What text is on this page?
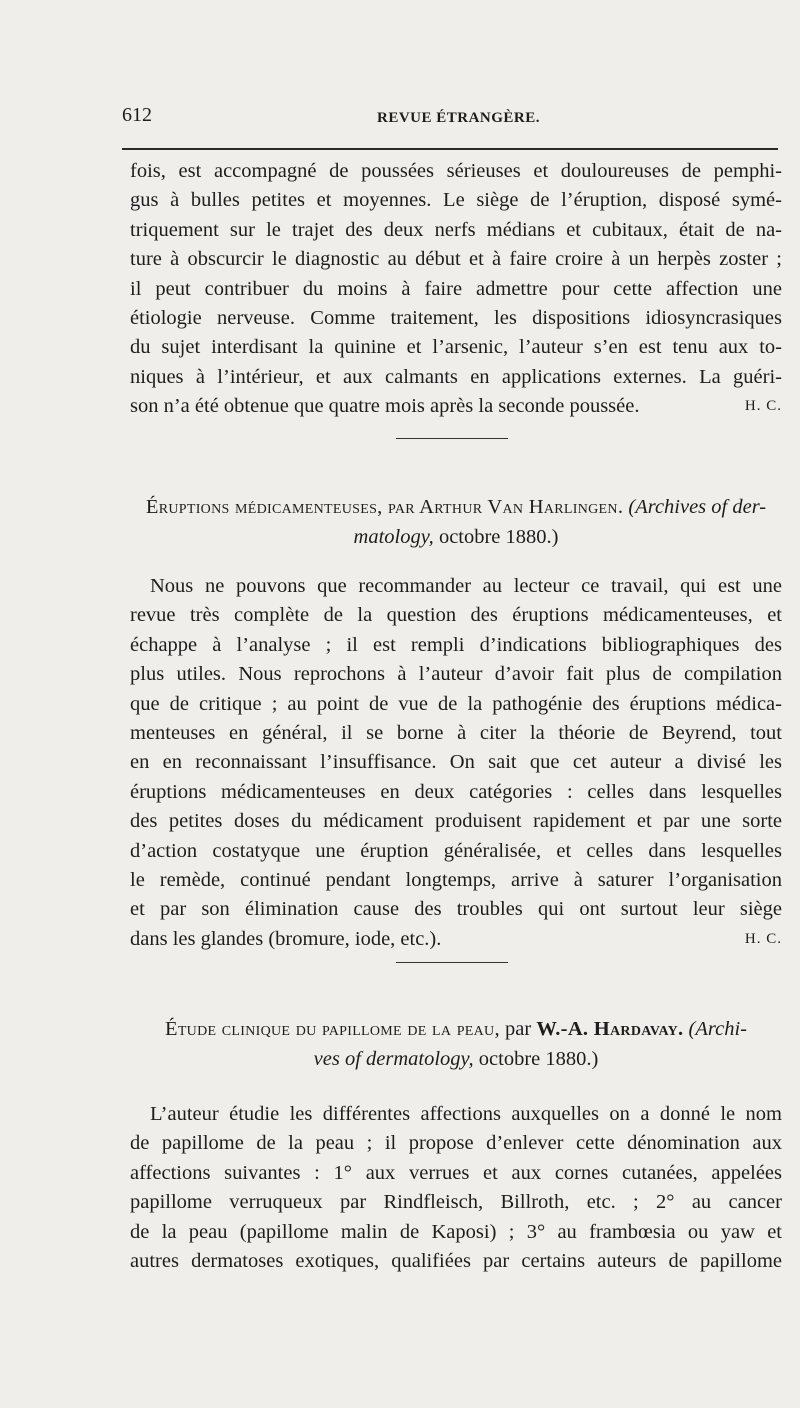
612	REVUE ÉTRANGÈRE.
fois, est accompagné de poussées sérieuses et douloureuses de pemphi-
gus à bulles petites et moyennes. Le siège de l’éruption, disposé symé-
triquement sur le trajet des deux nerfs médians et cubitaux, était de na-
ture à obscurcir le diagnostic au début et à faire croire à un herpès zoster ;
il peut contribuer du moins à faire admettre pour cette affection une
étiologie nerveuse. Comme traitement, les dispositions idiosyncrasiques
du sujet interdisant la quinine et l’arsenic, l’auteur s’en est tenu aux to-
niques à l’intérieur, et aux calmants en applications externes. La guéri-
son n’a été obtenue que quatre mois après la seconde poussée.	H. C.
Éruptions médicamenteuses, par Arthur Van Harlingen. (Archives of der-
matology, octobre 1880.)
Nous ne pouvons que recommander au lecteur ce travail, qui est une
revue très complète de la question des éruptions médicamenteuses, et
échappe à l’analyse ; il est rempli d’indications bibliographiques des
plus utiles. Nous reprochons à l’auteur d’avoir fait plus de compilation
que de critique ; au point de vue de la pathogénie des éruptions médica-
menteuses en général, il se borne à citer la théorie de Beyrend, tout
en en reconnaissant l’insuffisance. On sait que cet auteur a divisé les
éruptions médicamenteuses en deux catégories : celles dans lesquelles
des petites doses du médicament produisent rapidement et par une sorte
d’action costatyque une éruption généralisée, et celles dans lesquelles
le remède, continué pendant longtemps, arrive à saturer l’organisation
et par son élimination cause des troubles qui ont surtout leur siège
dans les glandes (bromure, iode, etc.).	H. C.
Étude clinique du papillome de la peau, par W.-A. Hardavay. (Archi-
ves of dermatology, octobre 1880.)
L’auteur étudie les différentes affections auxquelles on a donné le nom
de papillome de la peau ; il propose d’enlever cette dénomination aux
affections suivantes : 1° aux verrues et aux cornes cutanées, appelées
papillome verruqueux par Rindfleisch, Billroth, etc. ; 2° au cancer
de la peau (papillome malin de Kaposi) ; 3° au frambœsia ou yaw et
autres dermatoses exotiques, qualifiées par certains auteurs de papillome
